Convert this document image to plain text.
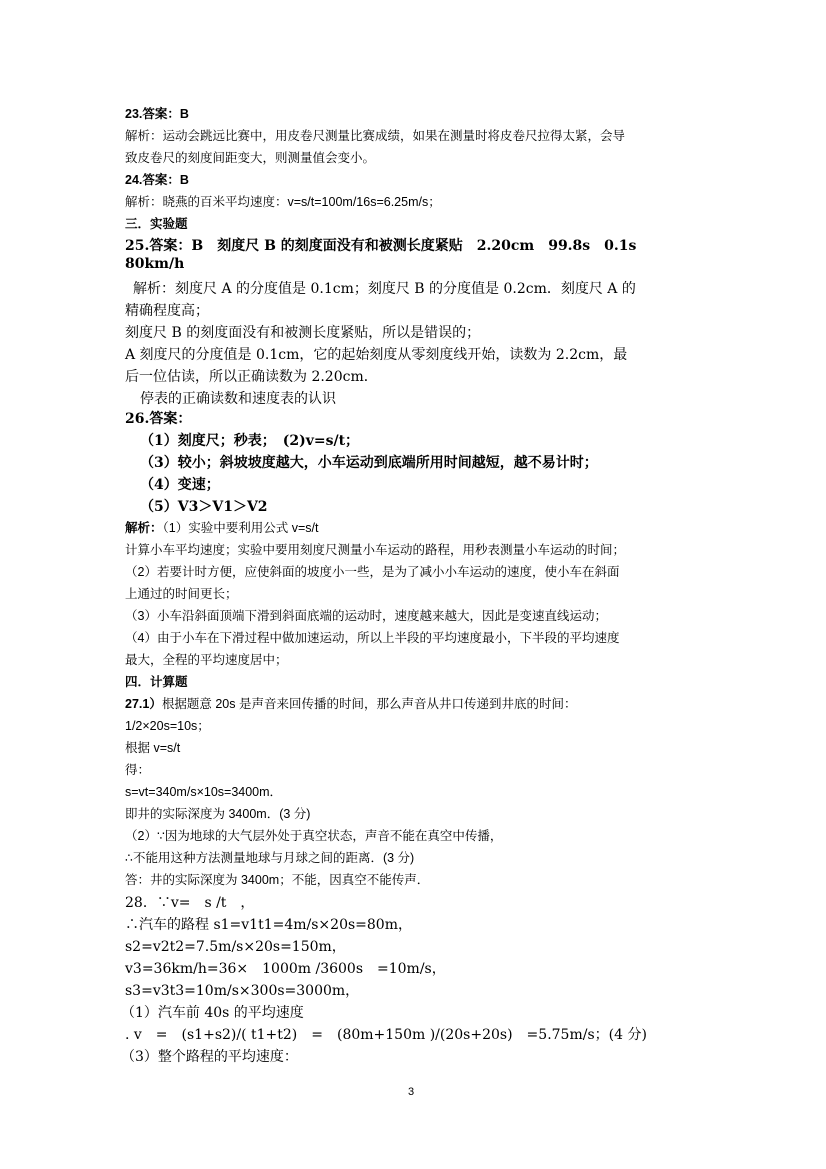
23.答案：B
解析：运动会跳远比赛中，用皮卷尺测量比赛成绩，如果在测量时将皮卷尺拉得太紧，会导
致皮卷尺的刻度间距变大，则测量值会变小。
24.答案：B
解析：晓燕的百米平均速度：v=s/t=100m/16s=6.25m/s；
三．实验题
25.答案：B　刻度尺 B 的刻度面没有和被测长度紧贴　2.20cm　99.8s　0.1s
80km/h
解析：刻度尺 A 的分度值是 0.1cm；刻度尺 B 的分度值是 0.2cm．刻度尺 A 的
精确程度高；
刻度尺 B 的刻度面没有和被测长度紧贴，所以是错误的；
A 刻度尺的分度值是 0.1cm，它的起始刻度从零刻度线开始，读数为 2.2cm，最
后一位估读，所以正确读数为 2.20cm．
停表的正确读数和速度表的认识
26.答案：
（1）刻度尺；秒表；　(2)v=s/t；
（3）较小；斜坡坡度越大，小车运动到底端所用时间越短，越不易计时；
（4）变速；
（5）V3＞V1＞V2
解析：（1）实验中要利用公式 v=s/t
计算小车平均速度；实验中要用刻度尺测量小车运动的路程，用秒表测量小车运动的时间；
（2）若要计时方便，应使斜面的坡度小一些，是为了减小小车运动的速度，使小车在斜面
上通过的时间更长；
（3）小车沿斜面顶端下滑到斜面底端的运动时，速度越来越大，因此是变速直线运动；
（4）由于小车在下滑过程中做加速运动，所以上半段的平均速度最小，下半段的平均速度
最大，全程的平均速度居中；
四．计算题
27.1）根据题意 20s 是声音来回传播的时间，那么声音从井口传递到井底的时间：
1/2×20s=10s；
根据 v=s/t
得：
s=vt=340m/s×10s=3400m．
即井的实际深度为 3400m．(3 分)
（2）∵因为地球的大气层外处于真空状态，声音不能在真空中传播，
∴不能用这种方法测量地球与月球之间的距离．(3 分)
答：井的实际深度为 3400m；不能，因真空不能传声．
28．∵v=　s /t　，
∴汽车的路程 s1=v1t1=4m/s×20s=80m，
s2=v2t2=7.5m/s×20s=150m，
v3=36km/h=36×　1000m /3600s　=10m/s，
s3=v3t3=10m/s×300s=3000m，
（1）汽车前 40s 的平均速度
. v　=　(s1+s2)/( t1+t2)　=　(80m+150m )/(20s+20s)　=5.75m/s；(4 分)
（3）整个路程的平均速度：
3
